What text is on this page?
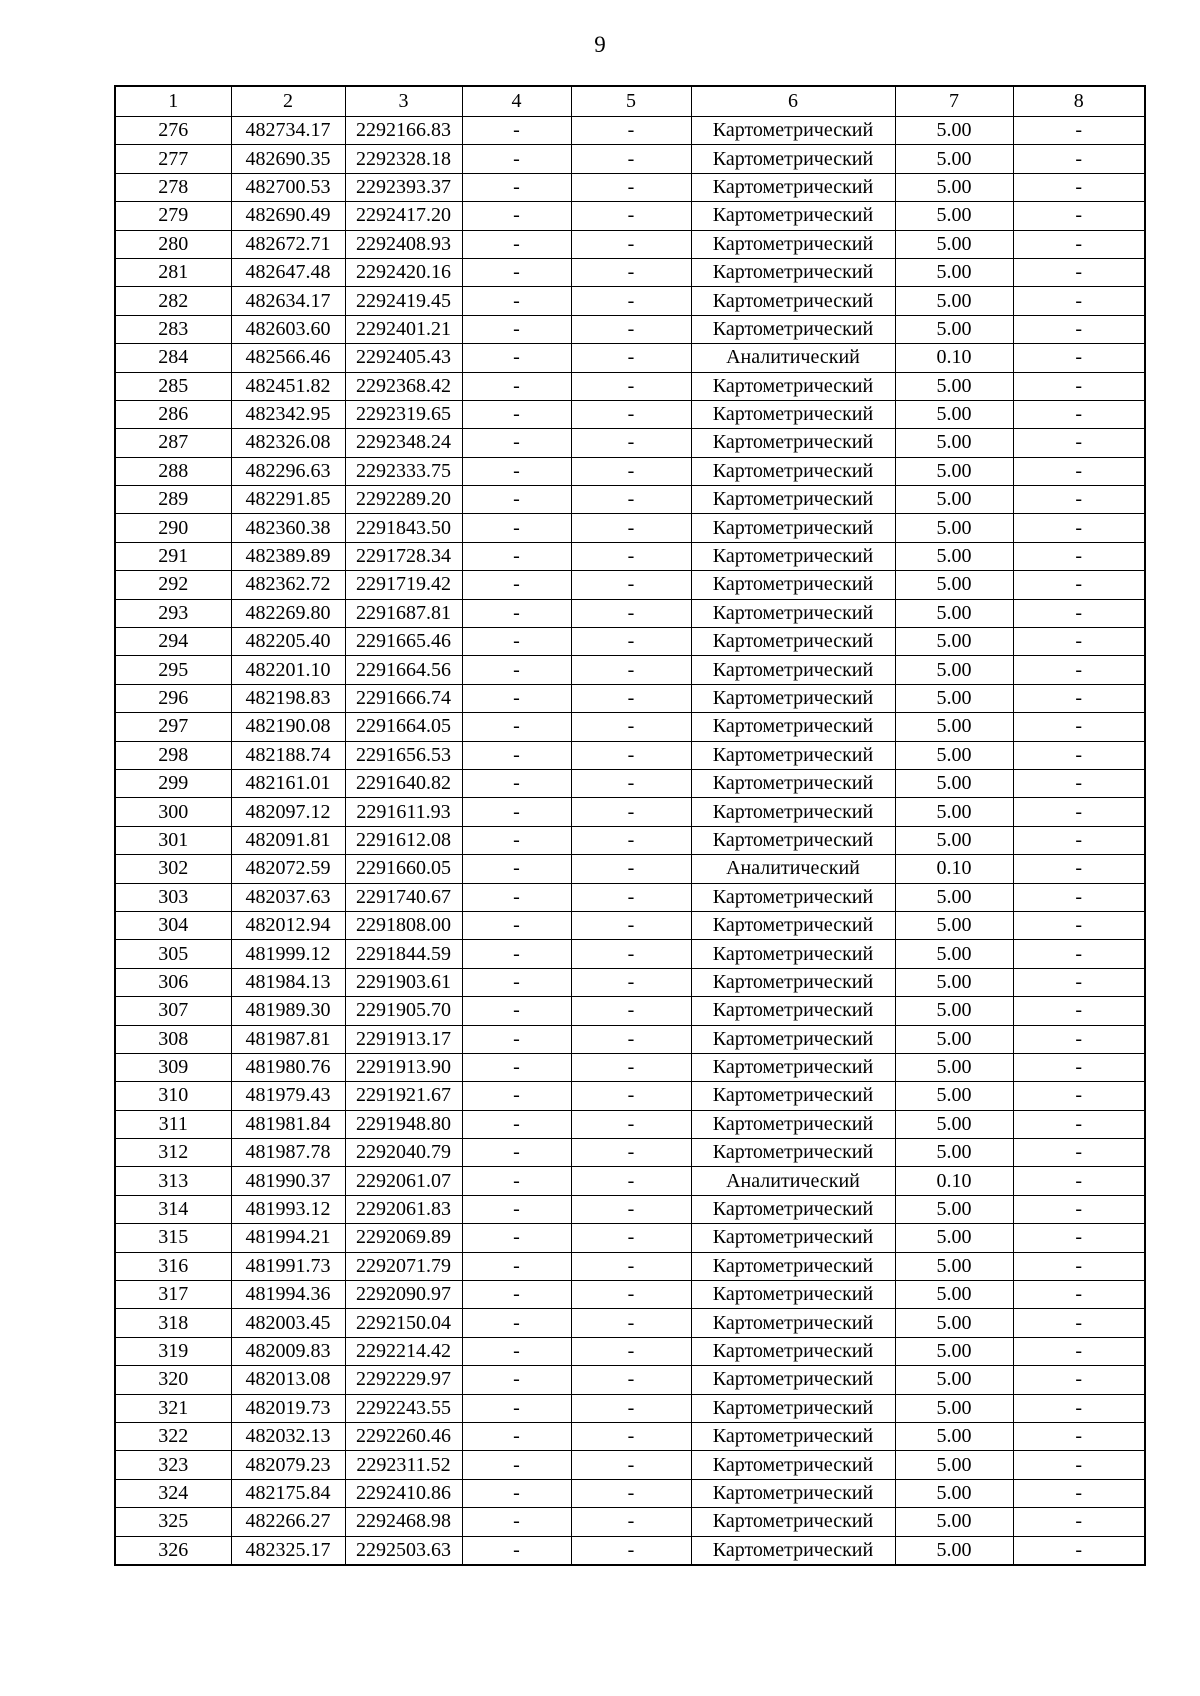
9
1	2	3	4	5	6	7	8
276	482734.17	2292166.83	-	-	Картометрический	5.00	-
277	482690.35	2292328.18	-	-	Картометрический	5.00	-
278	482700.53	2292393.37	-	-	Картометрический	5.00	-
279	482690.49	2292417.20	-	-	Картометрический	5.00	-
280	482672.71	2292408.93	-	-	Картометрический	5.00	-
281	482647.48	2292420.16	-	-	Картометрический	5.00	-
282	482634.17	2292419.45	-	-	Картометрический	5.00	-
283	482603.60	2292401.21	-	-	Картометрический	5.00	-
284	482566.46	2292405.43	-	-	Аналитический	0.10	-
285	482451.82	2292368.42	-	-	Картометрический	5.00	-
286	482342.95	2292319.65	-	-	Картометрический	5.00	-
287	482326.08	2292348.24	-	-	Картометрический	5.00	-
288	482296.63	2292333.75	-	-	Картометрический	5.00	-
289	482291.85	2292289.20	-	-	Картометрический	5.00	-
290	482360.38	2291843.50	-	-	Картометрический	5.00	-
291	482389.89	2291728.34	-	-	Картометрический	5.00	-
292	482362.72	2291719.42	-	-	Картометрический	5.00	-
293	482269.80	2291687.81	-	-	Картометрический	5.00	-
294	482205.40	2291665.46	-	-	Картометрический	5.00	-
295	482201.10	2291664.56	-	-	Картометрический	5.00	-
296	482198.83	2291666.74	-	-	Картометрический	5.00	-
297	482190.08	2291664.05	-	-	Картометрический	5.00	-
298	482188.74	2291656.53	-	-	Картометрический	5.00	-
299	482161.01	2291640.82	-	-	Картометрический	5.00	-
300	482097.12	2291611.93	-	-	Картометрический	5.00	-
301	482091.81	2291612.08	-	-	Картометрический	5.00	-
302	482072.59	2291660.05	-	-	Аналитический	0.10	-
303	482037.63	2291740.67	-	-	Картометрический	5.00	-
304	482012.94	2291808.00	-	-	Картометрический	5.00	-
305	481999.12	2291844.59	-	-	Картометрический	5.00	-
306	481984.13	2291903.61	-	-	Картометрический	5.00	-
307	481989.30	2291905.70	-	-	Картометрический	5.00	-
308	481987.81	2291913.17	-	-	Картометрический	5.00	-
309	481980.76	2291913.90	-	-	Картометрический	5.00	-
310	481979.43	2291921.67	-	-	Картометрический	5.00	-
311	481981.84	2291948.80	-	-	Картометрический	5.00	-
312	481987.78	2292040.79	-	-	Картометрический	5.00	-
313	481990.37	2292061.07	-	-	Аналитический	0.10	-
314	481993.12	2292061.83	-	-	Картометрический	5.00	-
315	481994.21	2292069.89	-	-	Картометрический	5.00	-
316	481991.73	2292071.79	-	-	Картометрический	5.00	-
317	481994.36	2292090.97	-	-	Картометрический	5.00	-
318	482003.45	2292150.04	-	-	Картометрический	5.00	-
319	482009.83	2292214.42	-	-	Картометрический	5.00	-
320	482013.08	2292229.97	-	-	Картометрический	5.00	-
321	482019.73	2292243.55	-	-	Картометрический	5.00	-
322	482032.13	2292260.46	-	-	Картометрический	5.00	-
323	482079.23	2292311.52	-	-	Картометрический	5.00	-
324	482175.84	2292410.86	-	-	Картометрический	5.00	-
325	482266.27	2292468.98	-	-	Картометрический	5.00	-
326	482325.17	2292503.63	-	-	Картометрический	5.00	-
